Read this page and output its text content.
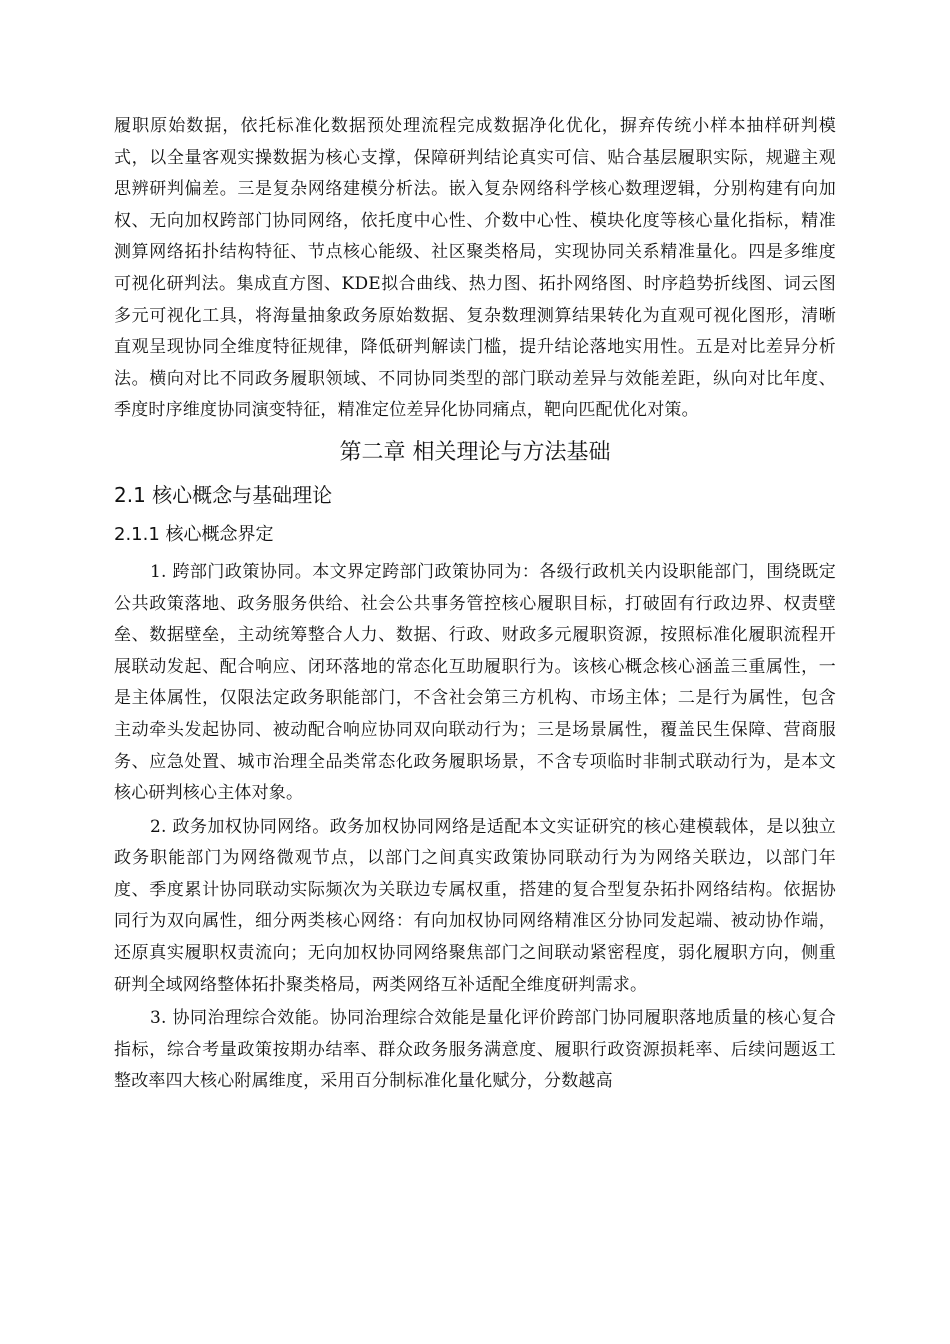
履职原始数据，依托标准化数据预处理流程完成数据净化优化，摒弃传统小样本抽样研判模式，以全量客观实操数据为核心支撑，保障研判结论真实可信、贴合基层履职实际，规避主观思辨研判偏差。三是复杂网络建模分析法。嵌入复杂网络科学核心数理逻辑，分别构建有向加权、无向加权跨部门协同网络，依托度中心性、介数中心性、模块化度等核心量化指标，精准测算网络拓扑结构特征、节点核心能级、社区聚类格局，实现协同关系精准量化。四是多维度可视化研判法。集成直方图、KDE拟合曲线、热力图、拓扑网络图、时序趋势折线图、词云图多元可视化工具，将海量抽象政务原始数据、复杂数理测算结果转化为直观可视化图形，清晰直观呈现协同全维度特征规律，降低研判解读门槛，提升结论落地实用性。五是对比差异分析法。横向对比不同政务履职领域、不同协同类型的部门联动差异与效能差距，纵向对比年度、季度时序维度协同演变特征，精准定位差异化协同痛点，靶向匹配优化对策。

第二章 相关理论与方法基础
2.1 核心概念与基础理论
2.1.1 核心概念界定

1. 跨部门政策协同。本文界定跨部门政策协同为：各级行政机关内设职能部门，围绕既定公共政策落地、政务服务供给、社会公共事务管控核心履职目标，打破固有行政边界、权责壁垒、数据壁垒，主动统筹整合人力、数据、行政、财政多元履职资源，按照标准化履职流程开展联动发起、配合响应、闭环落地的常态化互助履职行为。该核心概念核心涵盖三重属性，一是主体属性，仅限法定政务职能部门，不含社会第三方机构、市场主体；二是行为属性，包含主动牵头发起协同、被动配合响应协同双向联动行为；三是场景属性，覆盖民生保障、营商服务、应急处置、城市治理全品类常态化政务履职场景，不含专项临时非制式联动行为，是本文核心研判核心主体对象。

2. 政务加权协同网络。政务加权协同网络是适配本文实证研究的核心建模载体，是以独立政务职能部门为网络微观节点，以部门之间真实政策协同联动行为为网络关联边，以部门年度、季度累计协同联动实际频次为关联边专属权重，搭建的复合型复杂拓扑网络结构。依据协同行为双向属性，细分两类核心网络：有向加权协同网络精准区分协同发起端、被动协作端，还原真实履职权责流向；无向加权协同网络聚焦部门之间联动紧密程度，弱化履职方向，侧重研判全域网络整体拓扑聚类格局，两类网络互补适配全维度研判需求。

3. 协同治理综合效能。协同治理综合效能是量化评价跨部门协同履职落地质量的核心复合指标，综合考量政策按期办结率、群众政务服务满意度、履职行政资源损耗率、后续问题返工整改率四大核心附属维度，采用百分制标准化量化赋分，分数越高
